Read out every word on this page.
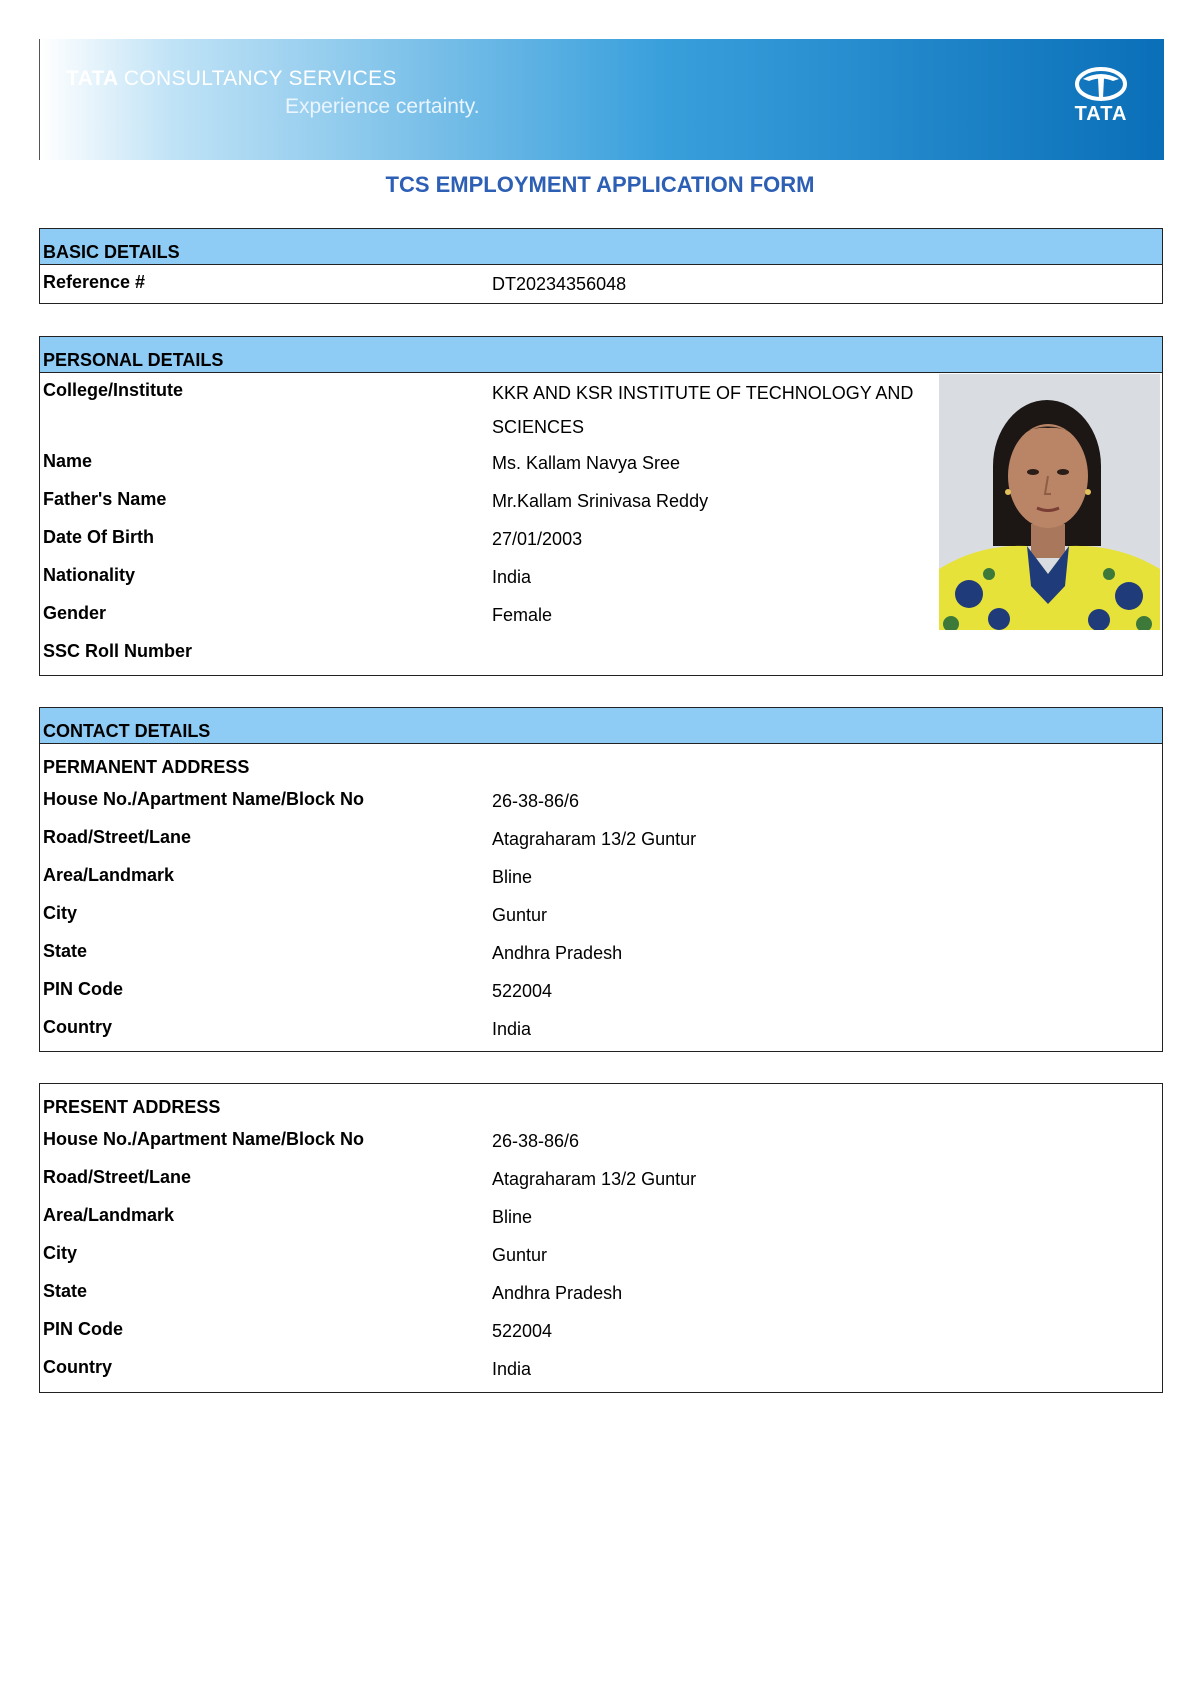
TATA CONSULTANCY SERVICES
Experience certainty.	TATA
TCS EMPLOYMENT APPLICATION FORM
BASIC DETAILS
Reference #	DT20234356048
PERSONAL DETAILS
College/Institute	KKR AND KSR INSTITUTE OF TECHNOLOGY AND SCIENCES
Name	Ms. Kallam Navya Sree
Father's Name	Mr.Kallam Srinivasa Reddy
Date Of Birth	27/01/2003
Nationality	India
Gender	Female
SSC Roll Number
CONTACT DETAILS
PERMANENT ADDRESS
House No./Apartment Name/Block No	26-38-86/6
Road/Street/Lane	Atagraharam 13/2 Guntur
Area/Landmark	Bline
City	Guntur
State	Andhra Pradesh
PIN Code	522004
Country	India
PRESENT ADDRESS
House No./Apartment Name/Block No	26-38-86/6
Road/Street/Lane	Atagraharam 13/2 Guntur
Area/Landmark	Bline
City	Guntur
State	Andhra Pradesh
PIN Code	522004
Country	India
